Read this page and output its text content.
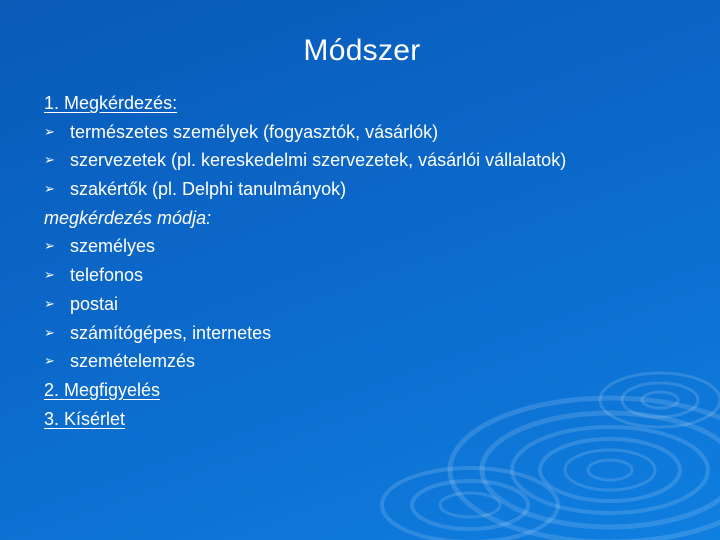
Módszer
1. Megkérdezés:
➢ természetes személyek (fogyasztók, vásárlók)
➢ szervezetek (pl. kereskedelmi szervezetek, vásárlói vállalatok)
➢ szakértők (pl. Delphi tanulmányok)
megkérdezés módja:
➢ személyes
➢ telefonos
➢ postai
➢ számítógépes, internetes
➢ szemételemzés
2. Megfigyelés
3. Kísérlet
